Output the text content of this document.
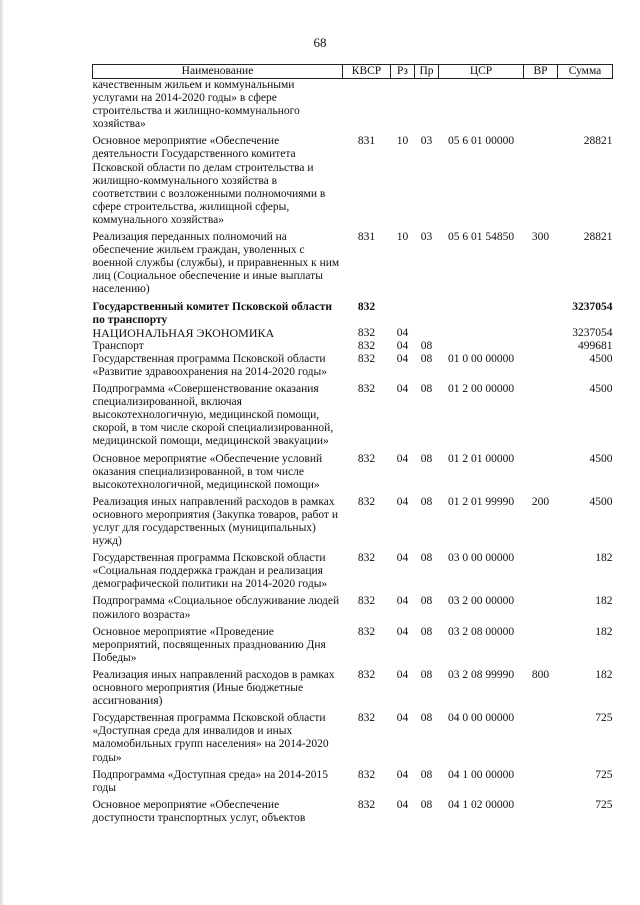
68
Наименование	КВСР	Рз	Пр	ЦСР	ВР	Сумма
качественным жильем и коммунальными услугами на 2014-2020 годы» в сфере строительства и жилищно-коммунального хозяйства»						
Основное мероприятие «Обеспечение деятельности Государственного комитета Псковской области по делам строительства и жилищно-коммунального хозяйства в соответствии с возложенными полномочиями в сфере строительства, жилищной сферы, коммунального хозяйства»	831	10	03	05 6 01 00000		28821
Реализация переданных полномочий на обеспечение жильем граждан, уволенных с военной службы (службы), и приравненных к ним лиц (Социальное обеспечение и иные выплаты населению)	831	10	03	05 6 01 54850	300	28821
Государственный комитет Псковской области по транспорту	832					3237054
НАЦИОНАЛЬНАЯ ЭКОНОМИКА	832	04				3237054
Транспорт	832	04	08			499681
Государственная программа Псковской области «Развитие здравоохранения на 2014-2020 годы»	832	04	08	01 0 00 00000		4500
Подпрограмма «Совершенствование оказания специализированной, включая высокотехнологичную, медицинской помощи, скорой, в том числе скорой специализированной, медицинской помощи, медицинской эвакуации»	832	04	08	01 2 00 00000		4500
Основное мероприятие «Обеспечение условий оказания специализированной, в том числе высокотехнологичной, медицинской помощи»	832	04	08	01 2 01 00000		4500
Реализация иных направлений расходов в рамках основного мероприятия (Закупка товаров, работ и услуг для государственных (муниципальных) нужд)	832	04	08	01 2 01 99990	200	4500
Государственная программа Псковской области «Социальная поддержка граждан и реализация демографической политики на 2014-2020 годы»	832	04	08	03 0 00 00000		182
Подпрограмма «Социальное обслуживание людей пожилого возраста»	832	04	08	03 2 00 00000		182
Основное мероприятие «Проведение мероприятий, посвященных празднованию Дня Победы»	832	04	08	03 2 08 00000		182
Реализация иных направлений расходов в рамках основного мероприятия (Иные бюджетные ассигнования)	832	04	08	03 2 08 99990	800	182
Государственная программа Псковской области «Доступная среда для инвалидов и иных маломобильных групп населения» на 2014-2020 годы»	832	04	08	04 0 00 00000		725
Подпрограмма «Доступная среда» на 2014-2015 годы	832	04	08	04 1 00 00000		725
Основное мероприятие «Обеспечение доступности транспортных услуг, объектов	832	04	08	04 1 02 00000		725
